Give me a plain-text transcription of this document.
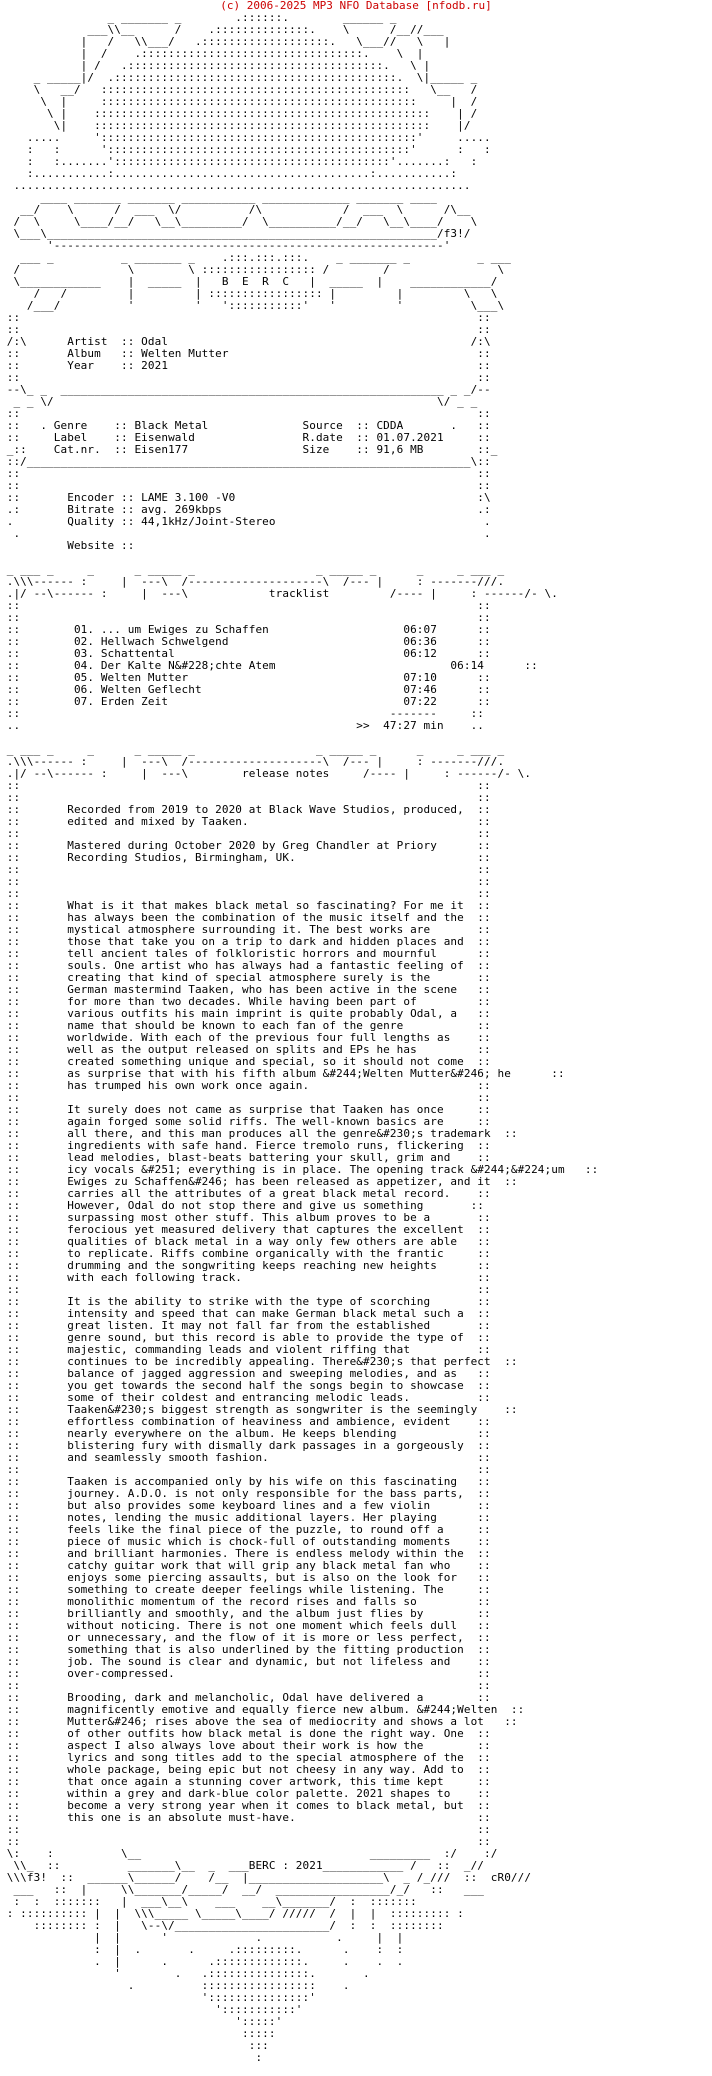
(c) 2006-2025 MP3 NFO Database [nfodb.ru]
_ _______ _        .::::::.        ______ _
___\\__      /    .::::::::::::::.    \      /__//___
|   /   \\___/   .:::::::::::::::::::.   \___//   \   |
|  /    .:::::::::::::::::::::::::::::::::.    \  |
| /   .::::::::::::::::::::::::::::::::::::::.   \ |
_ _____|/  .::::::::::::::::::::::::::::::::::::::::::.  \|_____ _
\   __/   ::::::::::::::::::::::::::::::::::::::::::::::   \__   /
\  |     :::::::::::::::::::::::::::::::::::::::::::::::     |  /
\ |    ::::::::::::::::::::::::::::::::::::::::::::::::::    | /
\|    ::::::::::::::::::::::::::::::::::::::::::::::::::    |/
.....     ':::::::::::::::::::::::::::::::::::::::::::::::'     .....
:   :      ':::::::::::::::::::::::::::::::::::::::::::::'      :   :
:   :.......':::::::::::::::::::::::::::::::::::::::::'.......:   :
:...........:......................................:...........:
....................................................................
____ _______ _______ ___________ _____________ _______ ____
__/    \      /  ___  \/          /\            /  ___  \      /\__
/  \     \____/__/   \__\_________/  \__________/__/   \__\____/    \
\___\__________________________________________________________/f3!/
'----------------------------------------------------------'
___ _          _ _______ _    .:::.:::.:::.    _ _______ _          _ ___
/                \        \ ::::::::::::::::: /        /                \
\____________    |  _____  |   B  E  R  C   |  _____  |    ____________/
/   /         |         | ::::::::::::::::: |         |         \   \
/___/          '         '   ':::::::::::'   '         '          \___\
::                                                                    ::
::                                                                    ::
/:\      Artist  :: Odal                                             /:\
::       Album   :: Welten Mutter                                     ::
::       Year    :: 2021                                              ::
::                                                                    ::
--\_ _  _________________________________________________________ _ _/--
_ _ \/                                                         \/ _ _
::                                                                    ::
::   . Genre    :: Black Metal              Source  :: CDDA       .   ::
::     Label    :: Eisenwald                R.date  :: 01.07.2021     ::
_::    Cat.nr.  :: Eisen177                 Size    :: 91,6 MB        ::_
::/__________________________________________________________________\::
::                                                                    ::
::                                                                    ::
::       Encoder :: LAME 3.100 -V0                                    :\
.:       Bitrate :: avg. 269kbps                                      .:
.        Quality :: 44,1kHz/Joint-Stereo                               .
.                                                                     .
Website ::

_ ___ _     _      _ _____ _                  _ _____ _      _     _ ___ _
.\\\------ :     |  ---\  /--------------------\  /--- |     : -------///.
.|/ --\------ :     |  ---\            tracklist         /---- |     : ------/- \.
::                                                                    ::
::                                                                    ::
::        01. ... um Ewiges zu Schaffen                    06:07      ::
::        02. Hellwach Schwelgend                          06:36      ::
::        03. Schattental                                  06:12      ::
::        04. Der Kalte N&#228;chte Atem                          06:14      ::
::        05. Welten Mutter                                07:10      ::
::        06. Welten Geflecht                              07:46      ::
::        07. Erden Zeit                                   07:22      ::
::                                                       -------     ::
..                                                  >>  47:27 min    ..

_ ___ _     _      _ _____ _                  _ _____ _      _     _ ___ _
.\\\------ :     |  ---\  /--------------------\  /--- |     : -------///.
.|/ --\------ :     |  ---\        release notes     /---- |     : ------/- \.
::                                                                    ::
::                                                                    ::
::       Recorded from 2019 to 2020 at Black Wave Studios, produced,  ::
::       edited and mixed by Taaken.                                  ::
::                                                                    ::
::       Mastered during October 2020 by Greg Chandler at Priory      ::
::       Recording Studios, Birmingham, UK.                           ::
::                                                                    ::
::                                                                    ::
::                                                                    ::
::       What is it that makes black metal so fascinating? For me it  ::
::       has always been the combination of the music itself and the  ::
::       mystical atmosphere surrounding it. The best works are       ::
::       those that take you on a trip to dark and hidden places and  ::
::       tell ancient tales of folkloristic horrors and mournful      ::
::       souls. One artist who has always had a fantastic feeling of  ::
::       creating that kind of special atmosphere surely is the       ::
::       German mastermind Taaken, who has been active in the scene   ::
::       for more than two decades. While having been part of         ::
::       various outfits his main imprint is quite probably Odal, a   ::
::       name that should be known to each fan of the genre           ::
::       worldwide. With each of the previous four full lengths as    ::
::       well as the output released on splits and EPs he has         ::
::       created something unique and special, so it should not come  ::
::       as surprise that with his fifth album &#244;Welten Mutter&#246; he      ::
::       has trumped his own work once again.                         ::
::                                                                    ::
::       It surely does not came as surprise that Taaken has once     ::
::       again forged some solid riffs. The well-known basics are     ::
::       all there, and this man produces all the genre&#230;s trademark  ::
::       ingredients with safe hand. Fierce tremolo runs, flickering  ::
::       lead melodies, blast-beats battering your skull, grim and    ::
::       icy vocals &#251; everything is in place. The opening track &#244;&#224;um   ::
::       Ewiges zu Schaffen&#246; has been released as appetizer, and it  ::
::       carries all the attributes of a great black metal record.    ::
::       However, Odal do not stop there and give us something       ::
::       surpassing most other stuff. This album proves to be a       ::
::       ferocious yet measured delivery that captures the excellent  ::
::       qualities of black metal in a way only few others are able   ::
::       to replicate. Riffs combine organically with the frantic     ::
::       drumming and the songwriting keeps reaching new heights      ::
::       with each following track.                                   ::
::                                                                    ::
::       It is the ability to strike with the type of scorching       ::
::       intensity and speed that can make German black metal such a  ::
::       great listen. It may not fall far from the established       ::
::       genre sound, but this record is able to provide the type of  ::
::       majestic, commanding leads and violent riffing that          ::
::       continues to be incredibly appealing. There&#230;s that perfect  ::
::       balance of jagged aggression and sweeping melodies, and as   ::
::       you get towards the second half the songs begin to showcase  ::
::       some of their coldest and entrancing melodic leads.          ::
::       Taaken&#230;s biggest strength as songwriter is the seemingly    ::
::       effortless combination of heaviness and ambience, evident    ::
::       nearly everywhere on the album. He keeps blending            ::
::       blistering fury with dismally dark passages in a gorgeously  ::
::       and seamlessly smooth fashion.                               ::
::                                                                    ::
::       Taaken is accompanied only by his wife on this fascinating   ::
::       journey. A.D.O. is not only responsible for the bass parts,  ::
::       but also provides some keyboard lines and a few violin       ::
::       notes, lending the music additional layers. Her playing      ::
::       feels like the final piece of the puzzle, to round off a     ::
::       piece of music which is chock-full of outstanding moments    ::
::       and brilliant harmonies. There is endless melody within the  ::
::       catchy guitar work that will grip any black metal fan who    ::
::       enjoys some piercing assaults, but is also on the look for   ::
::       something to create deeper feelings while listening. The     ::
::       monolithic momentum of the record rises and falls so         ::
::       brilliantly and smoothly, and the album just flies by        ::
::       without noticing. There is not one moment which feels dull   ::
::       or unnecessary, and the flow of it is more or less perfect,  ::
::       something that is also underlined by the fitting production  ::
::       job. The sound is clear and dynamic, but not lifeless and    ::
::       over-compressed.                                             ::
::                                                                    ::
::       Brooding, dark and melancholic, Odal have delivered a        ::
::       magnificently emotive and equally fierce new album. &#244;Welten  ::
::       Mutter&#246; rises above the sea of mediocrity and shows a lot   ::
::       of other outfits how black metal is done the right way. One  ::
::       aspect I also always love about their work is how the        ::
::       lyrics and song titles add to the special atmosphere of the  ::
::       whole package, being epic but not cheesy in any way. Add to  ::
::       that once again a stunning cover artwork, this time kept     ::
::       within a grey and dark-blue color palette. 2021 shapes to    ::
::       become a very strong year when it comes to black metal, but  ::
::       this one is an absolute must-have.                           ::
::                                                                    ::
::                                                                    ::
\:    :          \__                                  _________  :/    :/
\\_  ::          _______\__  _  ___BERC : 2021____________ /   ::  _//
\\\f3!  ::  ______\______/    /__  |____________________\  _ /_///  ::  cR0///
___   ::  |     \\_______/_____/  __/  _________________/_/   ::   ___
:  :  :::::::   |  ___\__\    ___    __\_______/  :  :::::::
: :::::::::: |  |  \\\_____ \_____\____/ /////  /  |  |  ::::::::: :
:::::::: :  |   \--\/_______________________/  :  :  ::::::::
|  |      '             .           .     |  |
:  |  .       .     .:::::::::.      .    :  :
.  |      .      .:::::::::::::.     .    .  .
'        .   .:::::::::::::::.       .
.          :::::::::::::::::    .
':::::::::::::::'
':::::::::::'
':::::'
:::::
:::
:
